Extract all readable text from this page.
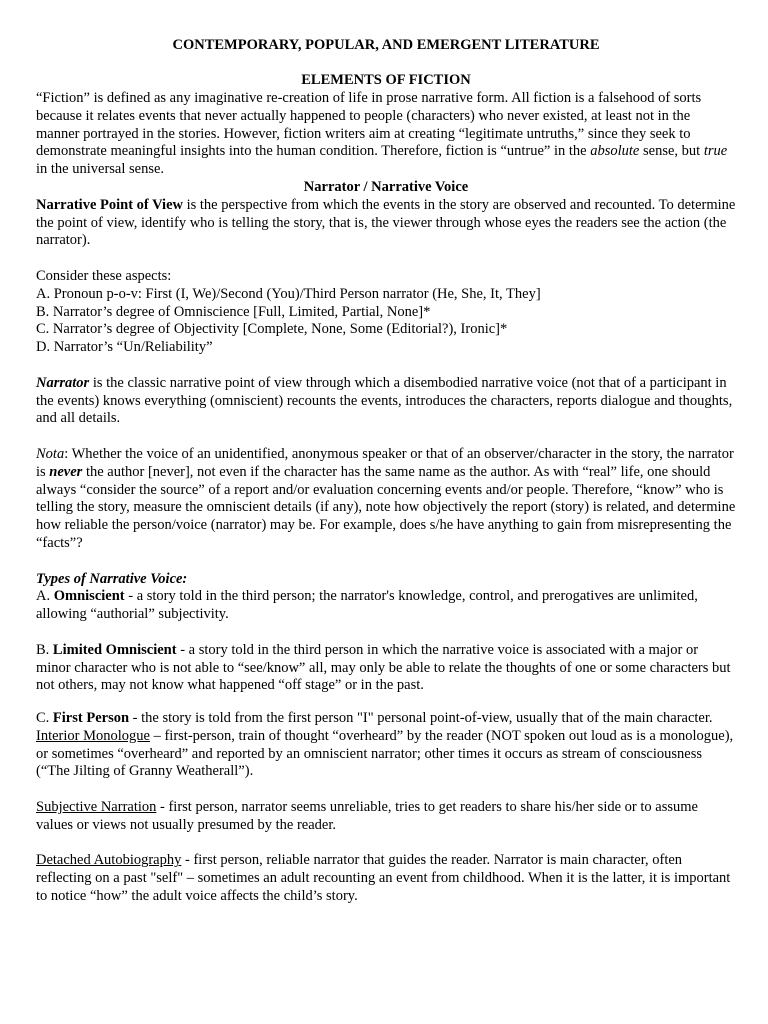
CONTEMPORARY, POPULAR, AND EMERGENT LITERATURE
ELEMENTS OF FICTION

“Fiction” is defined as any imaginative re-creation of life in prose narrative form. All fiction is a falsehood of sorts because it relates events that never actually happened to people (characters) who never existed, at least not in the manner portrayed in the stories. However, fiction writers aim at creating “legitimate untruths,” since they seek to demonstrate meaningful insights into the human condition. Therefore, fiction is “untrue” in the absolute sense, but true in the universal sense.

Narrator / Narrative Voice

Narrative Point of View is the perspective from which the events in the story are observed and recounted. To determine the point of view, identify who is telling the story, that is, the viewer through whose eyes the readers see the action (the narrator).

Consider these aspects:

A. Pronoun p-o-v: First (I, We)/Second (You)/Third Person narrator (He, She, It, They]

B. Narrator’s degree of Omniscience [Full, Limited, Partial, None]*

C. Narrator’s degree of Objectivity [Complete, None, Some (Editorial?), Ironic]*

D. Narrator’s “Un/Reliability”

Narrator is the classic narrative point of view through which a disembodied narrative voice (not that of a participant in the events) knows everything (omniscient) recounts the events, introduces the characters, reports dialogue and thoughts, and all details.

Nota: Whether the voice of an unidentified, anonymous speaker or that of an observer/character in the story, the narrator is never the author [never], not even if the character has the same name as the author. As with “real” life, one should always “consider the source” of a report and/or evaluation concerning events and/or people. Therefore, “know” who is telling the story, measure the omniscient details (if any), note how objectively the report (story) is related, and determine how reliable the person/voice (narrator) may be. For example, does s/he have anything to gain from misrepresenting the “facts”?

Types of Narrative Voice:

A. Omniscient - a story told in the third person; the narrator's knowledge, control, and prerogatives are unlimited, allowing “authorial” subjectivity.

B. Limited Omniscient - a story told in the third person in which the narrative voice is associated with a major or minor character who is not able to “see/know” all, may only be able to relate the thoughts of one or some characters but not others, may not know what happened “off stage” or in the past.

C. First Person - the story is told from the first person "I" personal point-of-view, usually that of the main character.

Interior Monologue – first-person, train of thought “overheard” by the reader (NOT spoken out loud as is a monologue), or sometimes “overheard” and reported by an omniscient narrator; other times it occurs as stream of consciousness (“The Jilting of Granny Weatherall”).

Subjective Narration - first person, narrator seems unreliable, tries to get readers to share his/her side or to assume values or views not usually presumed by the reader.

Detached Autobiography - first person, reliable narrator that guides the reader. Narrator is main character, often reflecting on a past "self" – sometimes an adult recounting an event from childhood. When it is the latter, it is important to notice “how” the adult voice affects the child’s story.
